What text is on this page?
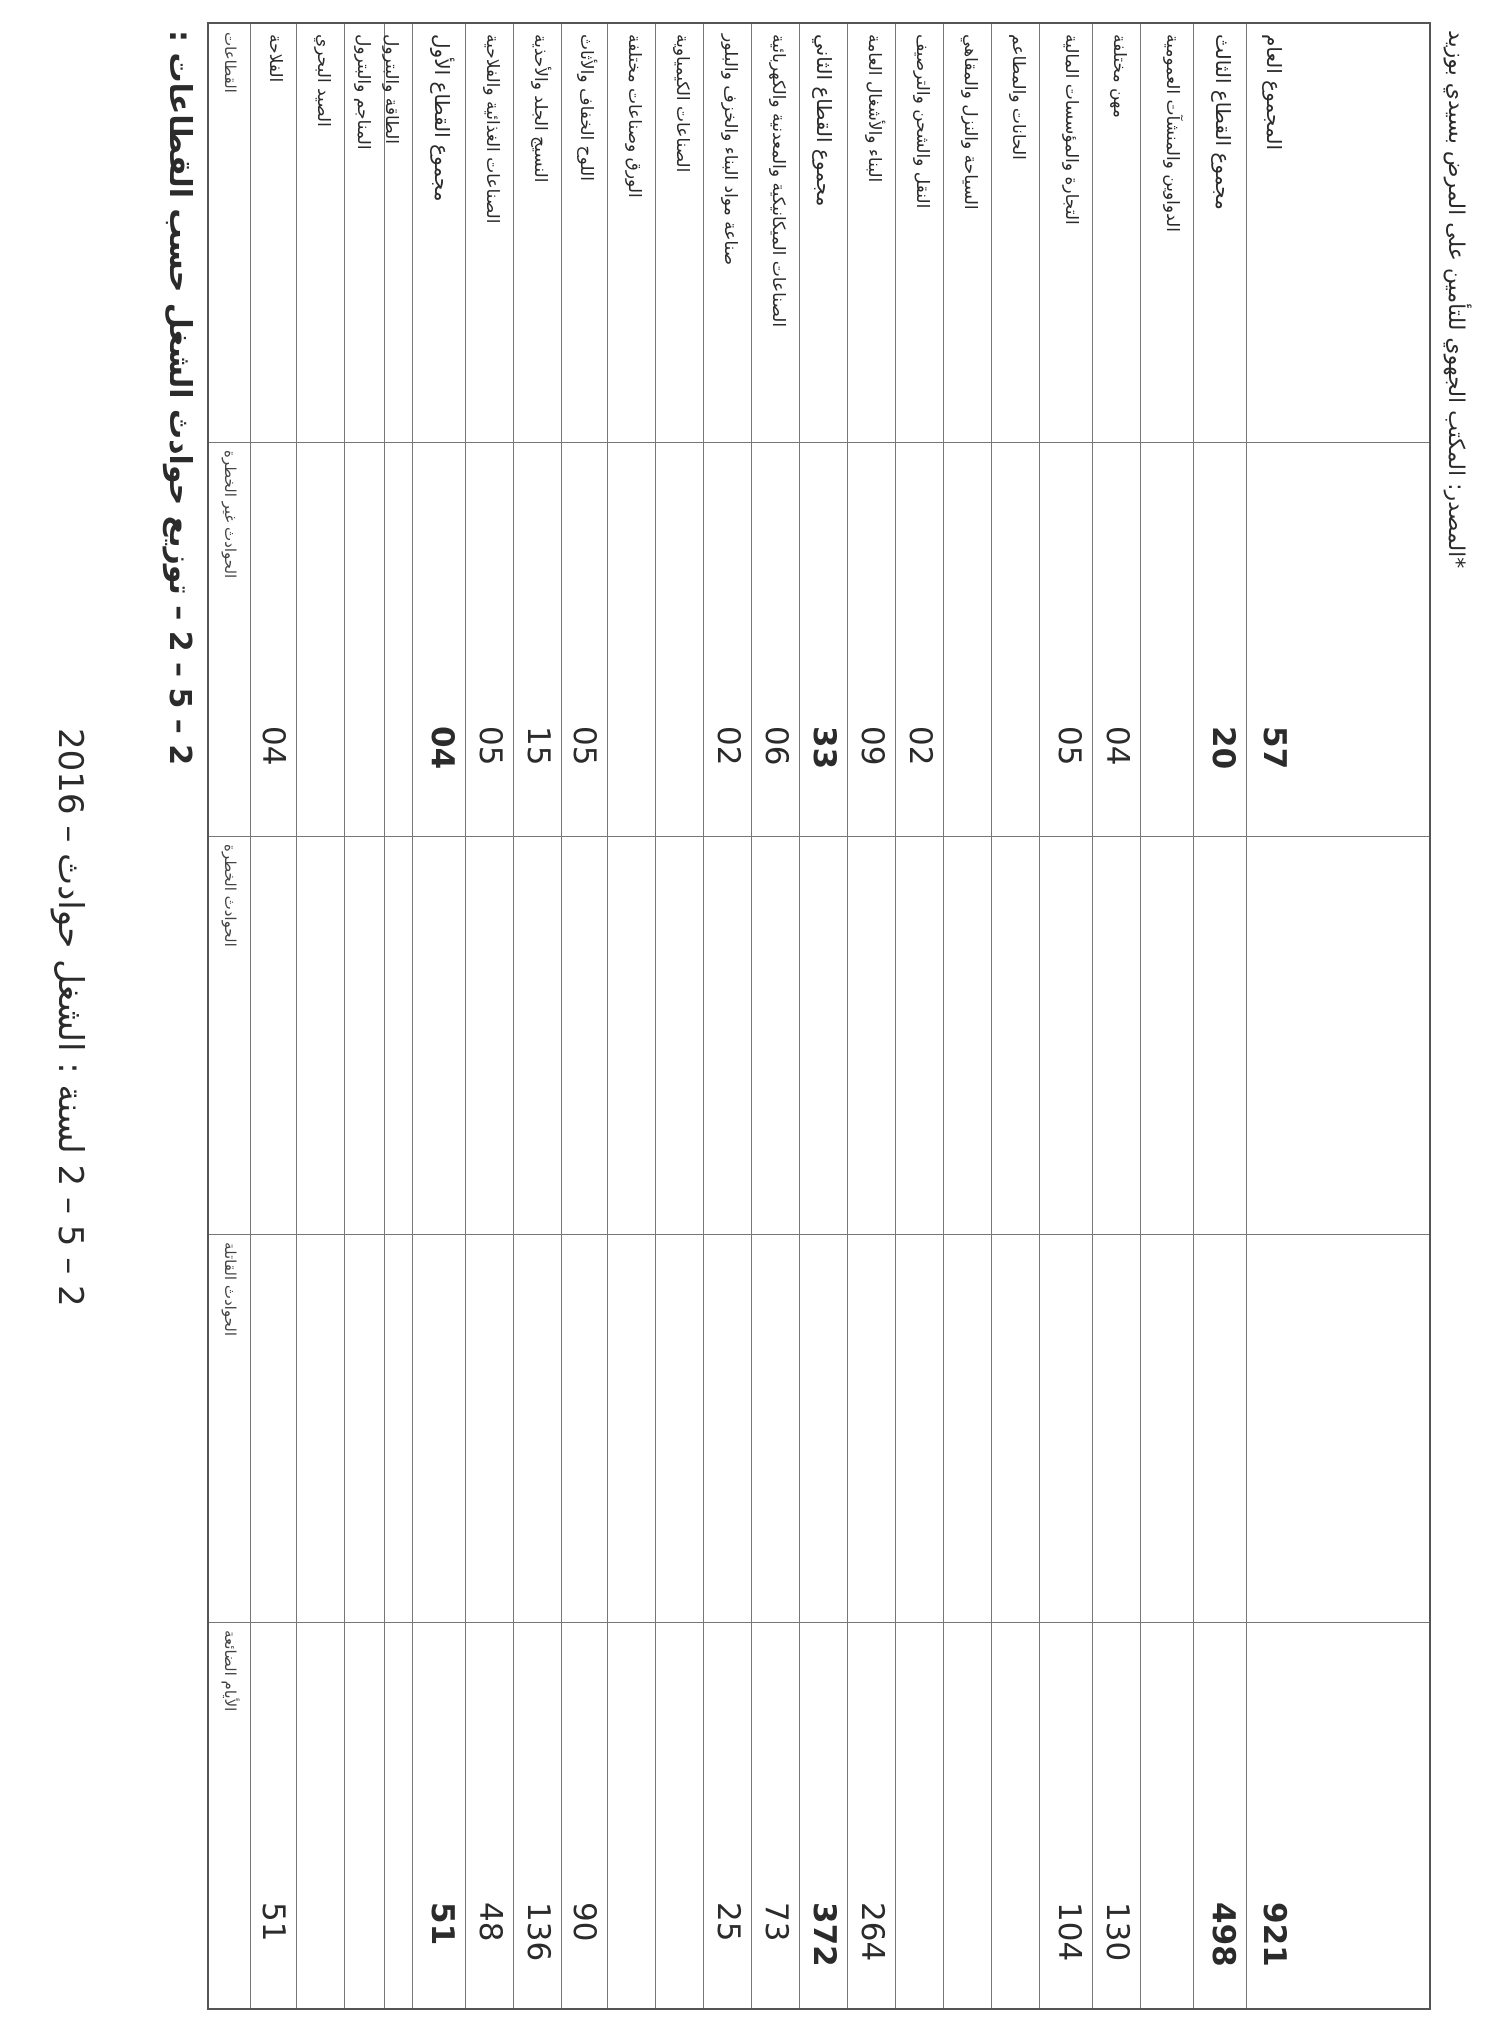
2016 لسنة : الشغل حوادث – 2 – 5 – 2
2 – 5 – 2 – توزيع حوادث الشغل حسب القطاعات :
القطاعات
الحوادث غير الخطرة
الحوادث الخطرة
الحوادث القاتلة
الأيام الضائعة
الفلاحة
04
51
الصيد البحري المناجم والبترول الطاقة والبترول مجموع القطاع الأول
04
51
الصناعات الغذائية والفلاحية
05
48
النسيج الجلد والأحذية
15
136
اللوح الخفاف والأثاث
05
90
الورق وصناعات مختلفة الصناعات الكيمياوية صناعة مواد البناء والخزف والبلور
02
25
الصناعات الميكانيكية والمعدنية والكهربائية
06
73
مجموع القطاع الثاني
33
372
البناء والأشغال العامة
09
264
النقل والشحن والترصيف
02
السياحة والنزل والمقاهي الحانات والمطاعم التجارة والمؤسسات المالية
05
104
مهن مختلفة
04
130
الدواوين والمنشآت العمومية مجموع القطاع الثالث
20
498
المجموع العام
57
921
*المصدر: المكتب الجهوي للتأمين على المرض بسيدي بوزيد
